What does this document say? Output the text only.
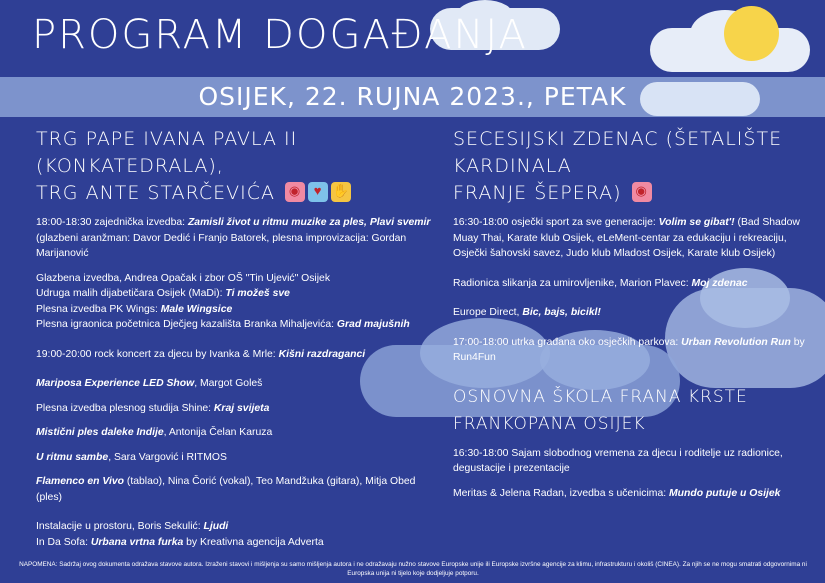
PROGRAM DOGAĐANJA
OSIJEK, 22. RUJNA 2023., PETAK
TRG PAPE IVANA PAVLA II (KONKATEDRALA),
TRG ANTE STARČEVIĆA ◉ ♥ ✋

18:00-18:30 zajednička izvedba: Zamisli život u ritmu muzike za ples, Plavi svemir (glazbeni aranžman: Davor Dedić i Franjo Batorek, plesna improvizacija: Gordan Marijanović

Glazbena izvedba, Andrea Opačak i zbor OŠ "Tin Ujević" Osijek

Udruga malih dijabetičara Osijek (MaDi): Ti možeš sve

Plesna izvedba PK Wings: Male Wingsice

Plesna igraonica početnica Dječjeg kazališta Branka Mihaljevića: Grad majušnih

19:00-20:00 rock koncert za djecu by Ivanka & Mrle: Kišni razdraganci

Mariposa Experience LED Show, Margot Goleš

Plesna izvedba plesnog studija Shine: Kraj svijeta

Mistični ples daleke Indije, Antonija Čelan Karuza

U ritmu sambe, Sara Vargović i RITMOS

Flamenco en Vivo (tablao), Nina Čorić (vokal), Teo Mandžuka (gitara), Mitja Obed (ples)

Instalacije u prostoru, Boris Sekulić: Ljudi

In Da Sofa: Urbana vrtna furka by Kreativna agencija Adverta

SECESIJSKI ZDENAC (ŠETALIŠTE KARDINALA
FRANJE ŠEPERA) ◉

16:30-18:00 osječki sport za sve generacije: Volim se gibat'! (Bad Shadow Muay Thai, Karate klub Osijek, eLeMent-centar za edukaciju i rekreaciju, Osječki šahovski savez, Judo klub Mladost Osijek, Karate klub Osijek)

Radionica slikanja za umirovljenike, Marion Plavec: Moj zdenac

Europe Direct, Bic, bajs, bicikl!

17:00-18:00 utrka građana oko osječkih parkova: Urban Revolution Run by Run4Fun

OSNOVNA ŠKOLA FRANA KRSTE FRANKOPANA OSIJEK

16:30-18:00 Sajam slobodnog vremena za djecu i roditelje uz radionice, degustacije i prezentacije

Meritas & Jelena Radan, izvedba s učenicima: Mundo putuje u Osijek

NAPOMENA: Sadržaj ovog dokumenta odražava stavove autora. Izraženi stavovi i mišljenja su samo mišljenja autora i ne odražavaju nužno stavove Europske unije ili Europske izvršne agencije za klimu, infrastrukturu i okoliš (CINEA). Za njih se ne mogu smatrati odgovornima ni Europska unija ni tijelo koje dodjeljuje potporu.
